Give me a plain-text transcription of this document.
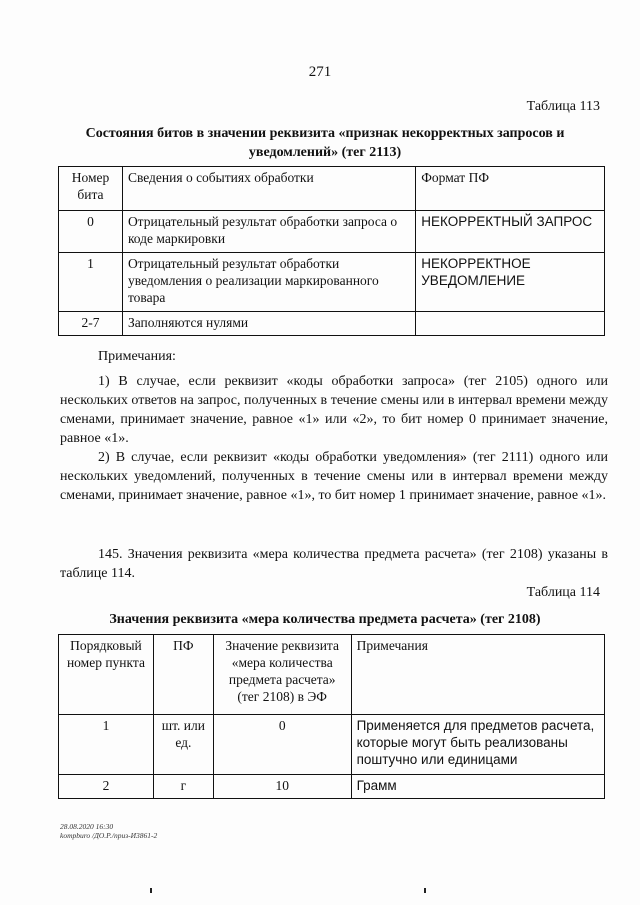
271
Таблица 113
Состояния битов в значении реквизита «признак некорректных запросов и
уведомлений» (тег 2113)
Номер бита	Сведения о событиях обработки	Формат ПФ
0	Отрицательный результат обработки запроса о коде маркировки	НЕКОРРЕКТНЫЙ ЗАПРОС
1	Отрицательный результат обработки уведомления о реализации маркированного товара	НЕКОРРЕКТНОЕ УВЕДОМЛЕНИЕ
2-7	Заполняются нулями	
Примечания:
1) В случае, если реквизит «коды обработки запроса» (тег 2105) одного или нескольких ответов на запрос, полученных в течение смены или в интервал времени между сменами, принимает значение, равное «1» или «2», то бит номер 0 принимает значение, равное «1».
2) В случае, если реквизит «коды обработки уведомления» (тег 2111) одного или нескольких уведомлений, полученных в течение смены или в интервал времени между сменами, принимает значение, равное «1», то бит номер 1 принимает значение, равное «1».
145. Значения реквизита «мера количества предмета расчета» (тег 2108) указаны в таблице 114.
Таблица 114
Значения реквизита «мера количества предмета расчета» (тег 2108)
Порядковый номер пункта	ПФ	Значение реквизита «мера количества предмета расчета» (тег 2108) в ЭФ	Примечания
1	шт. или ед.	0	Применяется для предметов расчета, которые могут быть реализованы поштучно или единицами
2	г	10	Грамм
28.08.2020 16:30
kompburo /ДО.Р./приз-И3861-2
